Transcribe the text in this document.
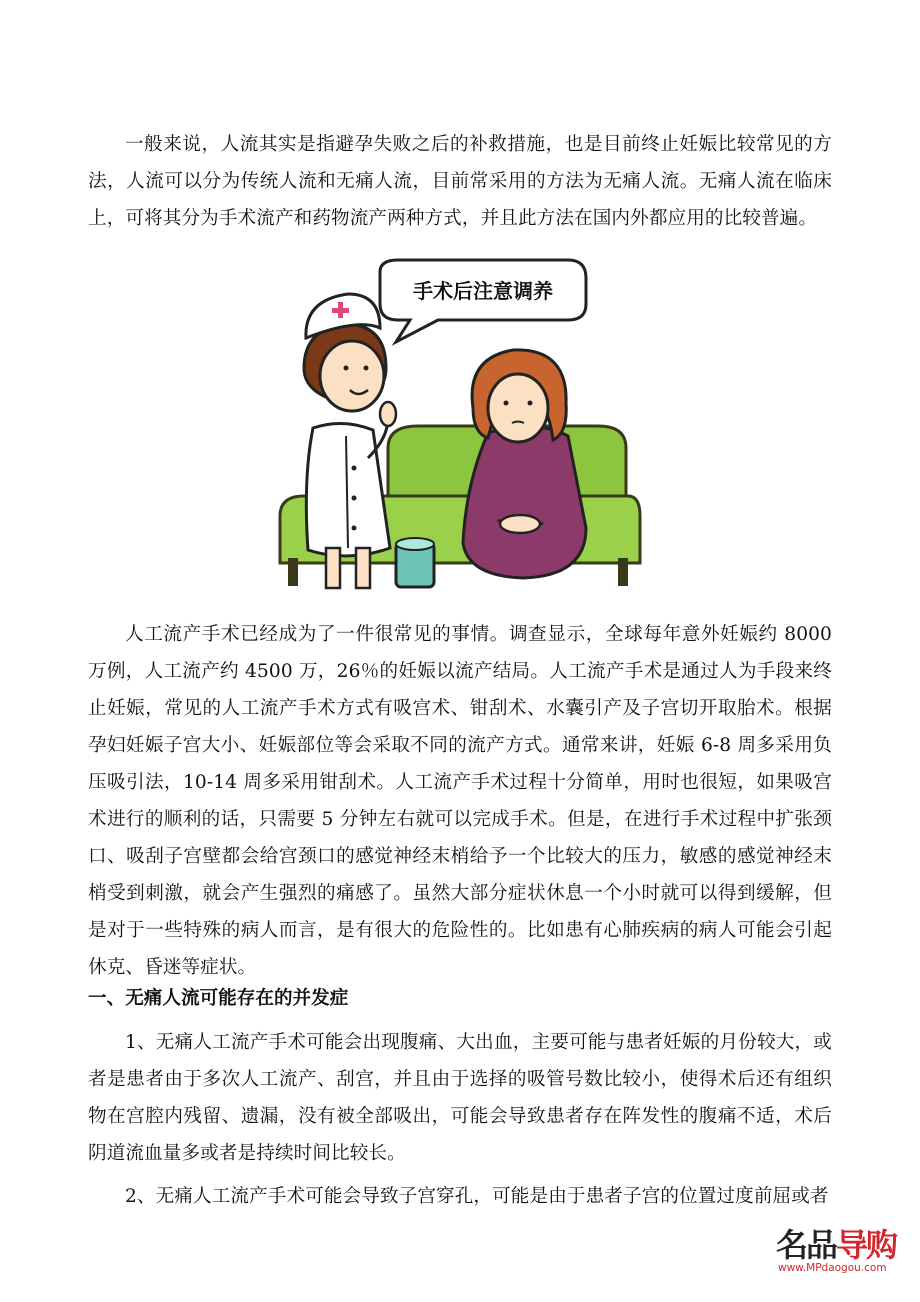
一般来说，人流其实是指避孕失败之后的补救措施，也是目前终止妊娠比较常见的方法，人流可以分为传统人流和无痛人流，目前常采用的方法为无痛人流。无痛人流在临床上，可将其分为手术流产和药物流产两种方式，并且此方法在国内外都应用的比较普遍。

手术后注意调养

人工流产手术已经成为了一件很常见的事情。调查显示，全球每年意外妊娠约 8000 万例，人工流产约 4500 万，26％的妊娠以流产结局。人工流产手术是通过人为手段来终止妊娠，常见的人工流产手术方式有吸宫术、钳刮术、水囊引产及子宫切开取胎术。根据孕妇妊娠子宫大小、妊娠部位等会采取不同的流产方式。通常来讲，妊娠 6-8 周多采用负压吸引法，10-14 周多采用钳刮术。人工流产手术过程十分简单，用时也很短，如果吸宫术进行的顺利的话，只需要 5 分钟左右就可以完成手术。但是，在进行手术过程中扩张颈口、吸刮子宫壁都会给宫颈口的感觉神经末梢给予一个比较大的压力，敏感的感觉神经末梢受到刺激，就会产生强烈的痛感了。虽然大部分症状休息一个小时就可以得到缓解，但是对于一些特殊的病人而言，是有很大的危险性的。比如患有心肺疾病的病人可能会引起休克、昏迷等症状。

一、无痛人流可能存在的并发症

1、无痛人工流产手术可能会出现腹痛、大出血，主要可能与患者妊娠的月份较大，或者是患者由于多次人工流产、刮宫，并且由于选择的吸管号数比较小，使得术后还有组织物在宫腔内残留、遗漏，没有被全部吸出，可能会导致患者存在阵发性的腹痛不适，术后阴道流血量多或者是持续时间比较长。

2、无痛人工流产手术可能会导致子宫穿孔，可能是由于患者子宫的位置过度前屈或者

名品导购
www.MPdaogou.com
